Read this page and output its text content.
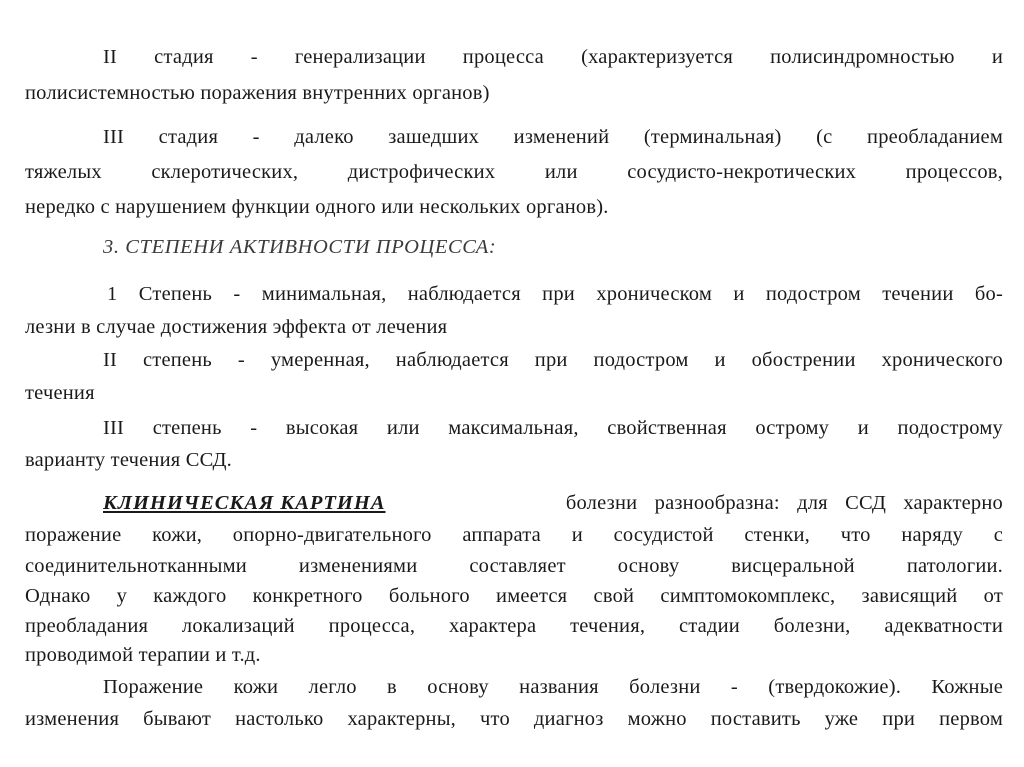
II стадия - генерализации процесса (характеризуется полисиндромностью и
полисистемностью поражения внутренних органов)
III стадия - далеко зашедших изменений (терминальная) (с преобладанием
тяжелых склеротических, дистрофических или сосудисто-некротических процессов,
нередко с нарушением функции одного или нескольких органов).
3. СТЕПЕНИ АКТИВНОСТИ ПРОЦЕССА:
1 Степень - минимальная, наблюдается при хроническом и подостром течении бо-
лезни в случае достижения эффекта от лечения
II степень - умеренная, наблюдается при подостром и обострении хронического
течения
III степень - высокая или максимальная, свойственная острому и подострому
варианту течения ССД.
КЛИНИЧЕСКАЯ КАРТИНА	болезни разнообразна: для ССД характерно
поражение кожи, опорно-двигательного аппарата и сосудистой стенки, что наряду с
соединительнотканными изменениями составляет основу висцеральной патологии.
Однако у каждого конкретного больного имеется свой симптомокомплекс, зависящий от
преобладания локализаций процесса, характера течения, стадии болезни, адекватности
проводимой терапии и т.д.
Поражение кожи легло в основу названия болезни - (твердокожие). Кожные
изменения бывают настолько характерны, что диагноз можно поставить уже при первом
